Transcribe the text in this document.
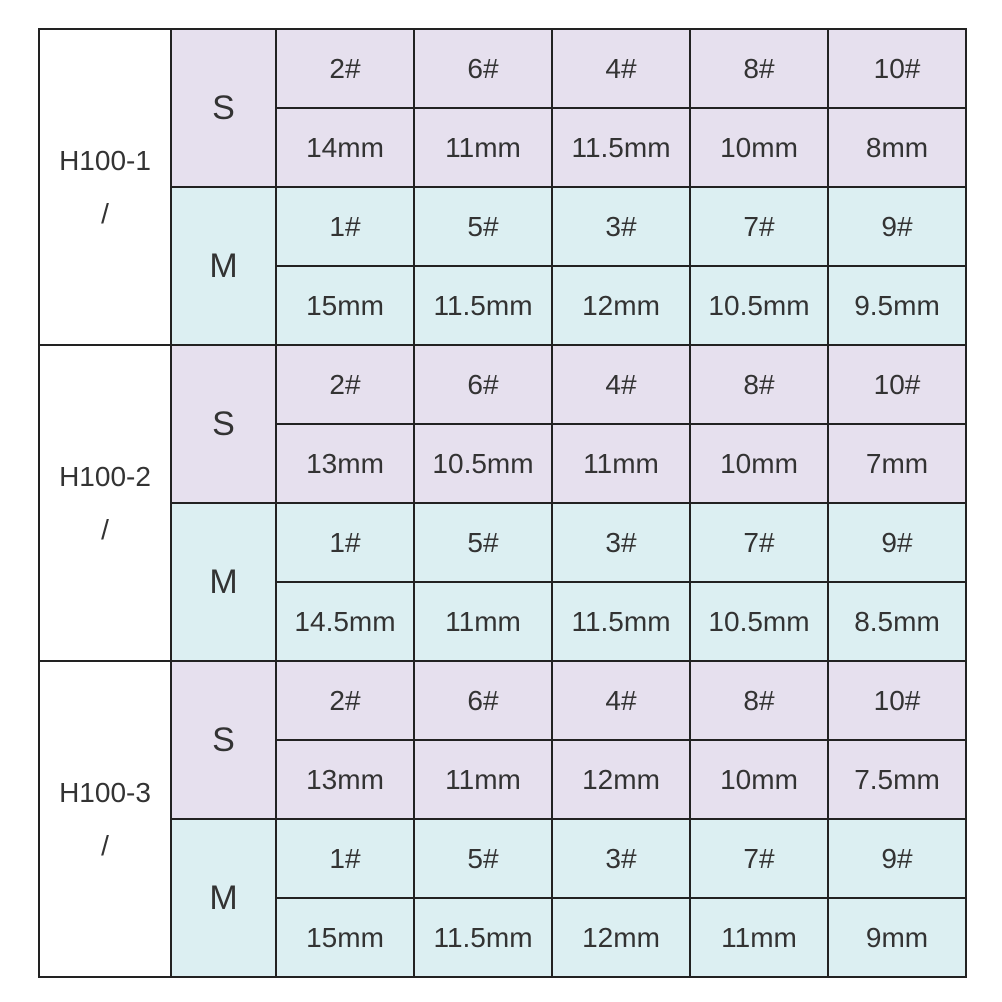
H100-1
/	S	2#	6#	4#	8#	10#
		14mm	11mm	11.5mm	10mm	8mm
	M	1#	5#	3#	7#	9#
		15mm	11.5mm	12mm	10.5mm	9.5mm
H100-2
/	S	2#	6#	4#	8#	10#
		13mm	10.5mm	11mm	10mm	7mm
	M	1#	5#	3#	7#	9#
		14.5mm	11mm	11.5mm	10.5mm	8.5mm
H100-3
/	S	2#	6#	4#	8#	10#
		13mm	11mm	12mm	10mm	7.5mm
	M	1#	5#	3#	7#	9#
		15mm	11.5mm	12mm	11mm	9mm
